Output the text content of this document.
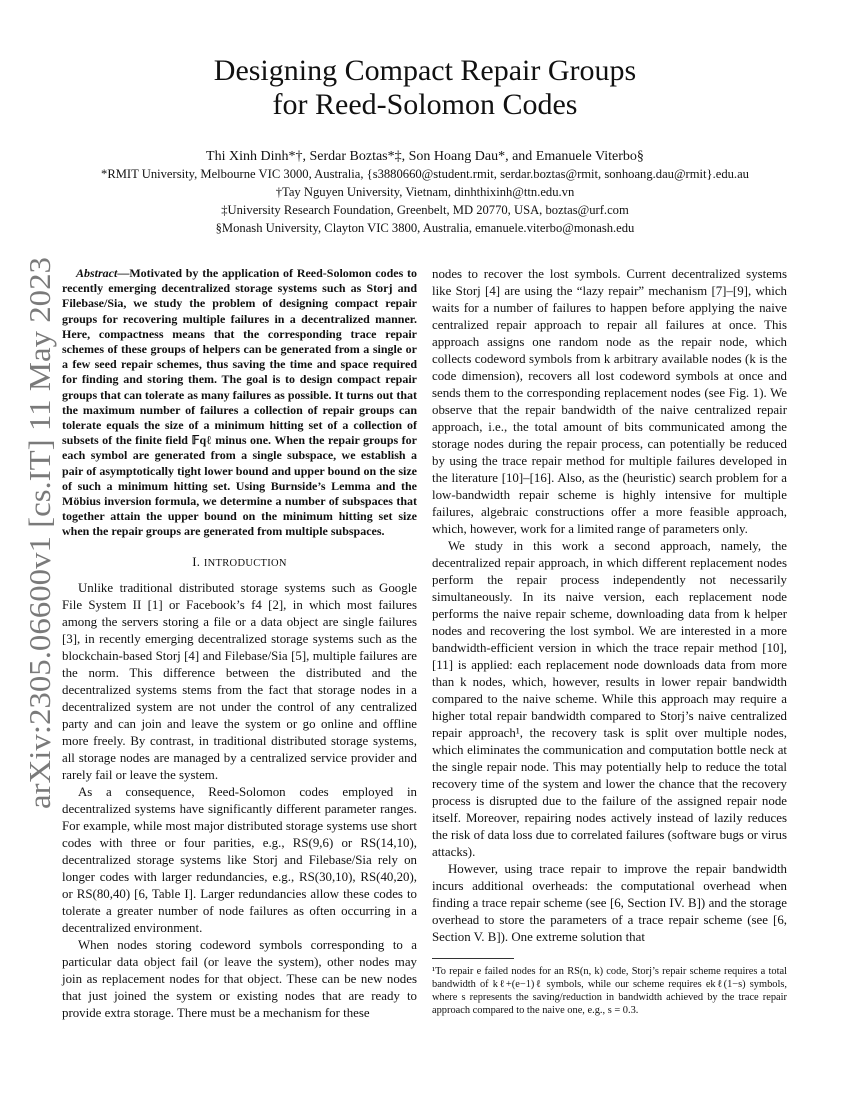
arXiv:2305.06600v1 [cs.IT] 11 May 2023
Designing Compact Repair Groups
for Reed-Solomon Codes
Thi Xinh Dinh*†, Serdar Boztas*‡, Son Hoang Dau*, and Emanuele Viterbo§
*RMIT University, Melbourne VIC 3000, Australia, {s3880660@student.rmit, serdar.boztas@rmit, sonhoang.dau@rmit}.edu.au
†Tay Nguyen University, Vietnam, dinhthixinh@ttn.edu.vn
‡University Research Foundation, Greenbelt, MD 20770, USA, boztas@urf.com
§Monash University, Clayton VIC 3800, Australia, emanuele.viterbo@monash.edu

Abstract—Motivated by the application of Reed-Solomon codes to recently emerging decentralized storage systems such as Storj and Filebase/Sia, we study the problem of designing compact repair groups for recovering multiple failures in a decentralized manner. Here, compactness means that the corresponding trace repair schemes of these groups of helpers can be generated from a single or a few seed repair schemes, thus saving the time and space required for finding and storing them. The goal is to design compact repair groups that can tolerate as many failures as possible. It turns out that the maximum number of failures a collection of repair groups can tolerate equals the size of a minimum hitting set of a collection of subsets of the finite field 𝔽qℓ minus one. When the repair groups for each symbol are generated from a single subspace, we establish a pair of asymptotically tight lower bound and upper bound on the size of such a minimum hitting set. Using Burnside’s Lemma and the Möbius inversion formula, we determine a number of subspaces that together attain the upper bound on the minimum hitting set size when the repair groups are generated from multiple subspaces.

I. INTRODUCTION

Unlike traditional distributed storage systems such as Google File System II [1] or Facebook’s f4 [2], in which most failures among the servers storing a file or a data object are single failures [3], in recently emerging decentralized storage systems such as the blockchain-based Storj [4] and Filebase/Sia [5], multiple failures are the norm. This difference between the distributed and the decentralized systems stems from the fact that storage nodes in a decentralized system are not under the control of any centralized party and can join and leave the system or go online and offline more freely. By contrast, in traditional distributed storage systems, all storage nodes are managed by a centralized service provider and rarely fail or leave the system.

As a consequence, Reed-Solomon codes employed in decentralized systems have significantly different parameter ranges. For example, while most major distributed storage systems use short codes with three or four parities, e.g., RS(9,6) or RS(14,10), decentralized storage systems like Storj and Filebase/Sia rely on longer codes with larger redundancies, e.g., RS(30,10), RS(40,20), or RS(80,40) [6, Table I]. Larger redundancies allow these codes to tolerate a greater number of node failures as often occurring in a decentralized environment.

When nodes storing codeword symbols corresponding to a particular data object fail (or leave the system), other nodes may join as replacement nodes for that object. These can be new nodes that just joined the system or existing nodes that are ready to provide extra storage. There must be a mechanism for these

nodes to recover the lost symbols. Current decentralized systems like Storj [4] are using the “lazy repair” mechanism [7]–[9], which waits for a number of failures to happen before applying the naive centralized repair approach to repair all failures at once. This approach assigns one random node as the repair node, which collects codeword symbols from k arbitrary available nodes (k is the code dimension), recovers all lost codeword symbols at once and sends them to the corresponding replacement nodes (see Fig. 1). We observe that the repair bandwidth of the naive centralized repair approach, i.e., the total amount of bits communicated among the storage nodes during the repair process, can potentially be reduced by using the trace repair method for multiple failures developed in the literature [10]–[16]. Also, as the (heuristic) search problem for a low-bandwidth repair scheme is highly intensive for multiple failures, algebraic constructions offer a more feasible approach, which, however, work for a limited range of parameters only.

We study in this work a second approach, namely, the decentralized repair approach, in which different replacement nodes perform the repair process independently not necessarily simultaneously. In its naive version, each replacement node performs the naive repair scheme, downloading data from k helper nodes and recovering the lost symbol. We are interested in a more bandwidth-efficient version in which the trace repair method [10], [11] is applied: each replacement node downloads data from more than k nodes, which, however, results in lower repair bandwidth compared to the naive scheme. While this approach may require a higher total repair bandwidth compared to Storj’s naive centralized repair approach¹, the recovery task is split over multiple nodes, which eliminates the communication and computation bottle neck at the single repair node. This may potentially help to reduce the total recovery time of the system and lower the chance that the recovery process is disrupted due to the failure of the assigned repair node itself. Moreover, repairing nodes actively instead of lazily reduces the risk of data loss due to correlated failures (software bugs or virus attacks).

However, using trace repair to improve the repair bandwidth incurs additional overheads: the computational overhead when finding a trace repair scheme (see [6, Section IV. B]) and the storage overhead to store the parameters of a trace repair scheme (see [6, Section V. B]). One extreme solution that

¹To repair e failed nodes for an RS(n, k) code, Storj’s repair scheme requires a total bandwidth of kℓ+(e−1)ℓ symbols, while our scheme requires ekℓ(1−s) symbols, where s represents the saving/reduction in bandwidth achieved by the trace repair approach compared to the naive one, e.g., s = 0.3.
